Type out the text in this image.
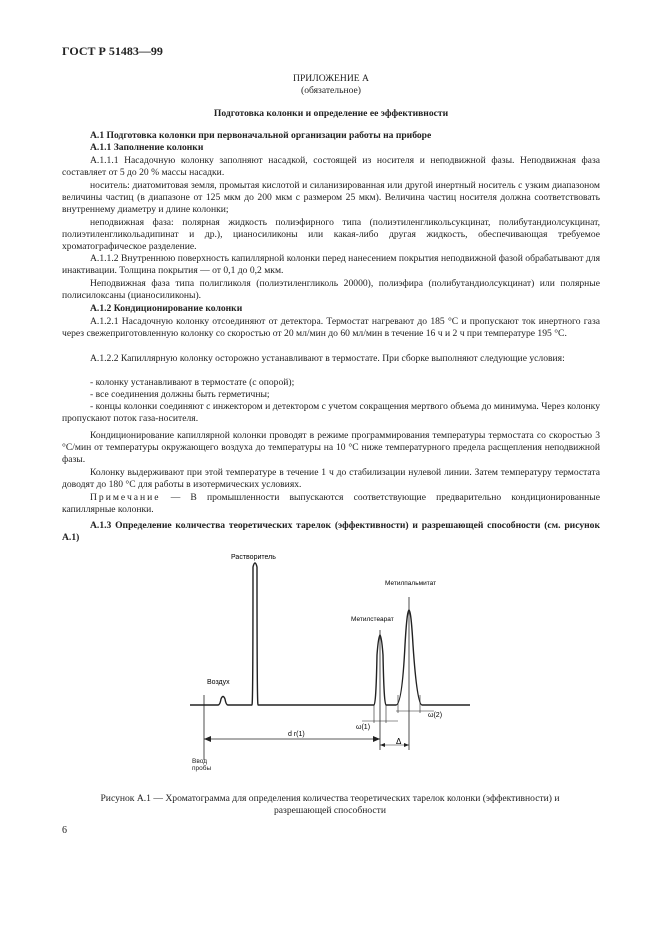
ГОСТ Р 51483—99
ПРИЛОЖЕНИЕ А
(обязательное)
Подготовка колонки и определение ее эффективности
А.1 Подготовка колонки при первоначальной организации работы на приборе
А.1.1 Заполнение колонки
А.1.1.1 Насадочную колонку заполняют насадкой, состоящей из носителя и неподвижной фазы. Неподвижная фаза составляет от 5 до 20 % массы насадки.
носитель: диатомитовая земля, промытая кислотой и силанизированная или другой инертный носитель с узким диапазоном величины частиц (в диапазоне от 125 мкм до 200 мкм с размером 25 мкм). Величина частиц носителя должна соответствовать внутреннему диаметру и длине колонки;
неподвижная фаза: полярная жидкость полиэфирного типа (полиэтиленгликольсукцинат, полибутандиолсукцинат, полиэтиленгликольадипинат и др.), цианосиликоны или какая-либо другая жидкость, обеспечивающая требуемое хроматографическое разделение.
А.1.1.2 Внутреннюю поверхность капиллярной колонки перед нанесением покрытия неподвижной фазой обрабатывают для инактивации. Толщина покрытия — от 0,1 до 0,2 мкм.
Неподвижная фаза типа полигликоля (полиэтиленгликоль 20000), полиэфира (полибутандиолсукцинат) или полярные полисилоксаны (цианосиликоны).
А.1.2 Кондиционирование колонки
А.1.2.1 Насадочную колонку отсоединяют от детектора. Термостат нагревают до 185 °С и пропускают ток инертного газа через свежеприготовленную колонку со скоростью от 20 мл/мин до 60 мл/мин в течение 16 ч и 2 ч при температуре 195 °С.
А.1.2.2 Капиллярную колонку осторожно устанавливают в термостате. При сборке выполняют следующие условия:
- колонку устанавливают в термостате (с опорой);
- все соединения должны быть герметичны;
- концы колонки соединяют с инжектором и детектором с учетом сокращения мертвого объема до минимума. Через колонку пропускают поток газа-носителя.
Кондиционирование капиллярной колонки проводят в режиме программирования температуры термостата со скоростью 3 °С/мин от температуры окружающего воздуха до температуры на 10 °С ниже температурного предела расщепления неподвижной фазы.
Колонку выдерживают при этой температуре в течение 1 ч до стабилизации нулевой линии. Затем температуру термостата доводят до 180 °С для работы в изотермических условиях.
Примечание — В промышленности выпускаются соответствующие предварительно кондиционированные капиллярные колонки.
А.1.3 Определение количества теоретических тарелок (эффективности) и разрешающей способности (см. рисунок А.1)
Растворитель
Воздух
Метилпальмитат
Метилстеарат
d r(1)
ω(1)
ω(2)
Δ
Ввод пробы
Рисунок А.1 — Хроматограмма для определения количества теоретических тарелок колонки (эффективности) и разрешающей способности
6
